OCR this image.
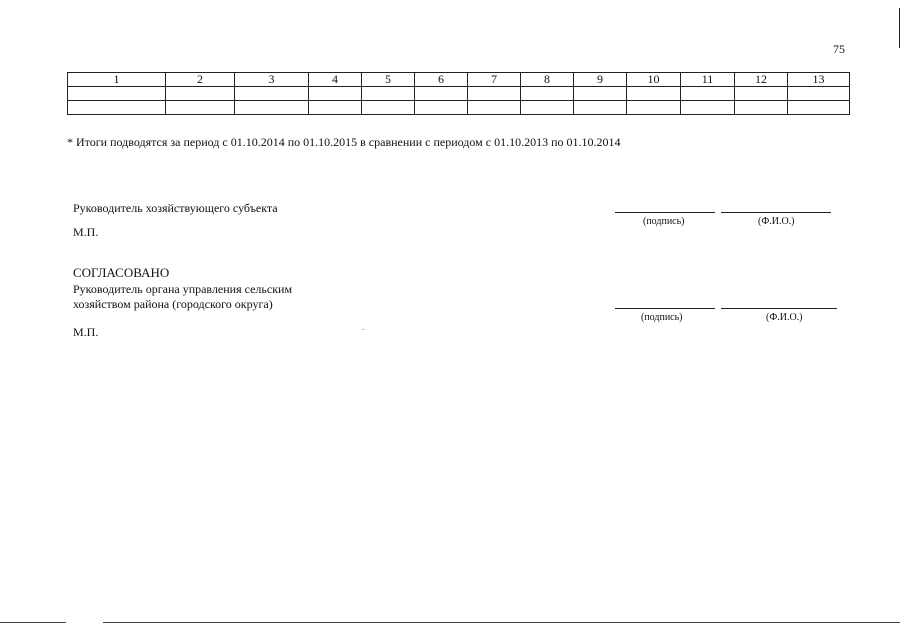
75
1	2	3	4	5	6	7	8	9	10	11	12	13

* Итоги подводятся за период с 01.10.2014 по 01.10.2015 в сравнении с периодом с 01.10.2013 по 01.10.2014
Руководитель хозяйствующего субъекта
М.П.
(подпись)	(Ф.И.О.)
СОГЛАСОВАНО
Руководитель органа управления сельским
хозяйством района (городского округа)
М.П.
(подпись)	(Ф.И.О.)
